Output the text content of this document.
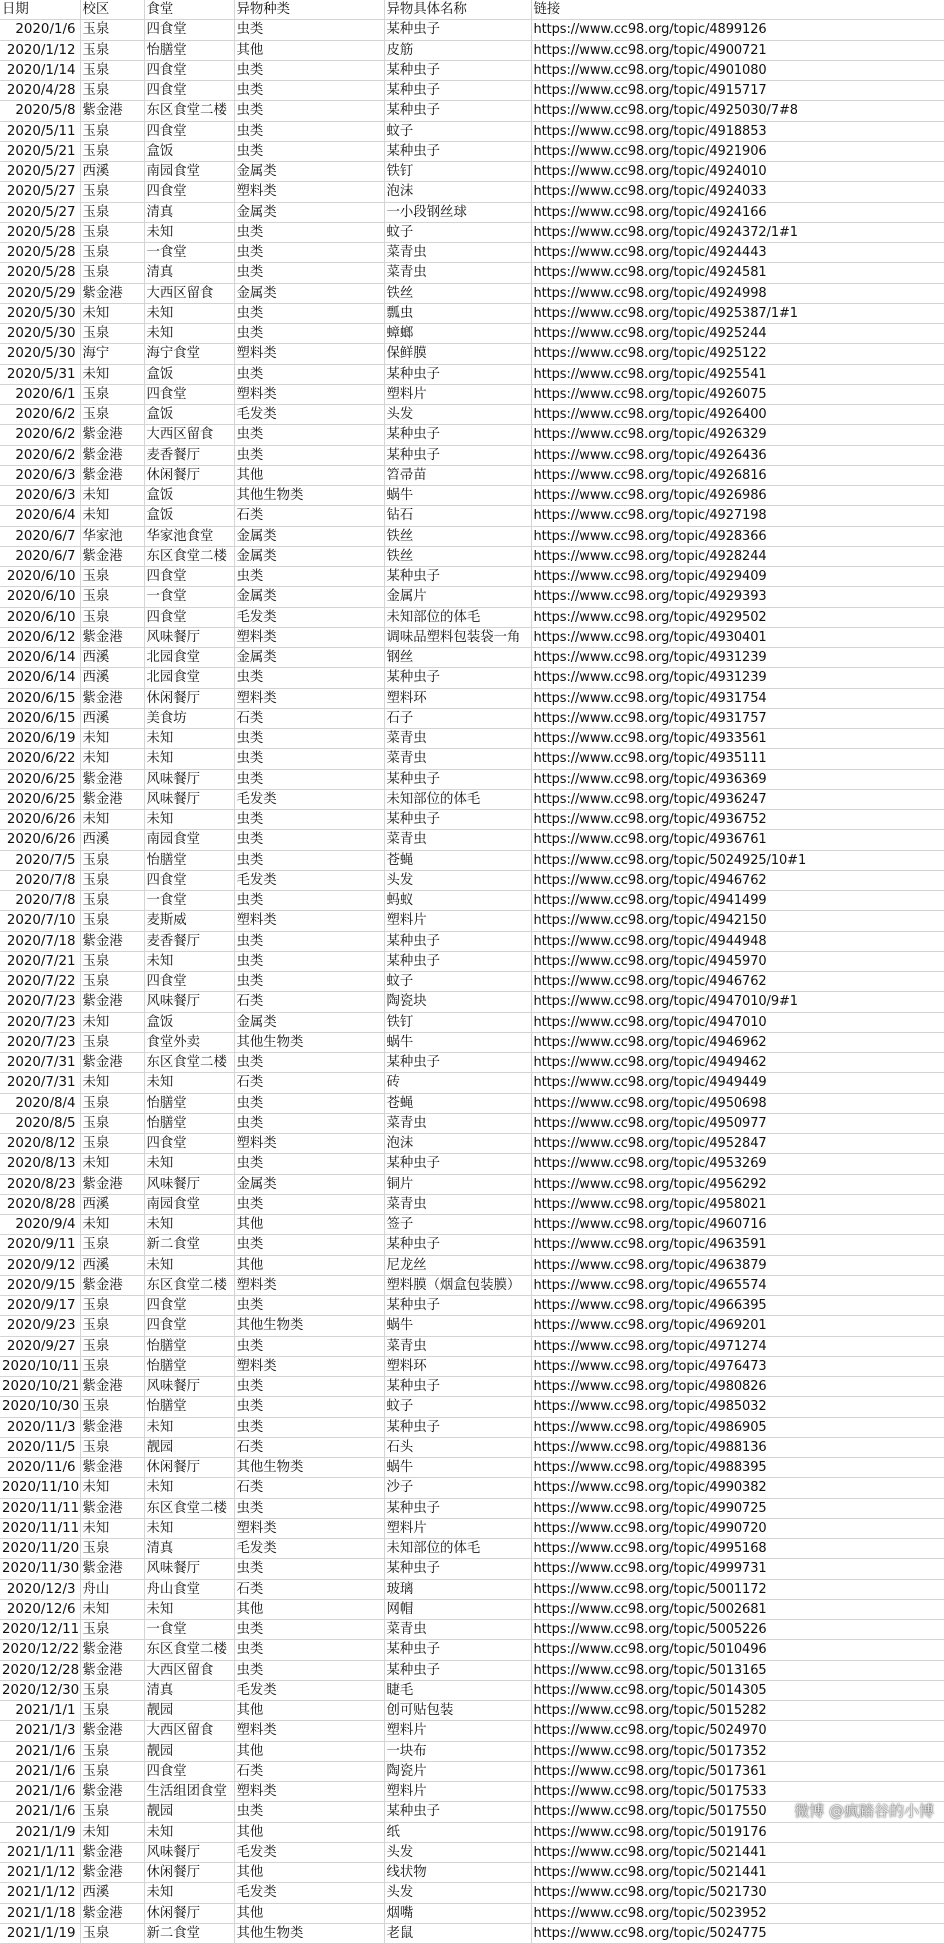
日期	校区	食堂	异物种类	异物具体名称	链接
2020/1/6	玉泉	四食堂	虫类	某种虫子	https://www.cc98.org/topic/4899126
2020/1/12	玉泉	怡膳堂	其他	皮筋	https://www.cc98.org/topic/4900721
2020/1/14	玉泉	四食堂	虫类	某种虫子	https://www.cc98.org/topic/4901080
2020/4/28	玉泉	四食堂	虫类	某种虫子	https://www.cc98.org/topic/4915717
2020/5/8	紫金港	东区食堂二楼	虫类	某种虫子	https://www.cc98.org/topic/4925030/7#8
2020/5/11	玉泉	四食堂	虫类	蚊子	https://www.cc98.org/topic/4918853
2020/5/21	玉泉	盒饭	虫类	某种虫子	https://www.cc98.org/topic/4921906
2020/5/27	西溪	南园食堂	金属类	铁钉	https://www.cc98.org/topic/4924010
2020/5/27	玉泉	四食堂	塑料类	泡沫	https://www.cc98.org/topic/4924033
2020/5/27	玉泉	清真	金属类	一小段钢丝球	https://www.cc98.org/topic/4924166
2020/5/28	玉泉	未知	虫类	蚊子	https://www.cc98.org/topic/4924372/1#1
2020/5/28	玉泉	一食堂	虫类	菜青虫	https://www.cc98.org/topic/4924443
2020/5/28	玉泉	清真	虫类	菜青虫	https://www.cc98.org/topic/4924581
2020/5/29	紫金港	大西区留食	金属类	铁丝	https://www.cc98.org/topic/4924998
2020/5/30	未知	未知	虫类	瓢虫	https://www.cc98.org/topic/4925387/1#1
2020/5/30	玉泉	未知	虫类	蟑螂	https://www.cc98.org/topic/4925244
2020/5/30	海宁	海宁食堂	塑料类	保鲜膜	https://www.cc98.org/topic/4925122
2020/5/31	未知	盒饭	虫类	某种虫子	https://www.cc98.org/topic/4925541
2020/6/1	玉泉	四食堂	塑料类	塑料片	https://www.cc98.org/topic/4926075
2020/6/2	玉泉	盒饭	毛发类	头发	https://www.cc98.org/topic/4926400
2020/6/2	紫金港	大西区留食	虫类	某种虫子	https://www.cc98.org/topic/4926329
2020/6/2	紫金港	麦香餐厅	虫类	某种虫子	https://www.cc98.org/topic/4926436
2020/6/3	紫金港	休闲餐厅	其他	笤帚苗	https://www.cc98.org/topic/4926816
2020/6/3	未知	盒饭	其他生物类	蜗牛	https://www.cc98.org/topic/4926986
2020/6/4	未知	盒饭	石类	钻石	https://www.cc98.org/topic/4927198
2020/6/7	华家池	华家池食堂	金属类	铁丝	https://www.cc98.org/topic/4928366
2020/6/7	紫金港	东区食堂二楼	金属类	铁丝	https://www.cc98.org/topic/4928244
2020/6/10	玉泉	四食堂	虫类	某种虫子	https://www.cc98.org/topic/4929409
2020/6/10	玉泉	一食堂	金属类	金属片	https://www.cc98.org/topic/4929393
2020/6/10	玉泉	四食堂	毛发类	未知部位的体毛	https://www.cc98.org/topic/4929502
2020/6/12	紫金港	风味餐厅	塑料类	调味品塑料包装袋一角	https://www.cc98.org/topic/4930401
2020/6/14	西溪	北园食堂	金属类	钢丝	https://www.cc98.org/topic/4931239
2020/6/14	西溪	北园食堂	虫类	某种虫子	https://www.cc98.org/topic/4931239
2020/6/15	紫金港	休闲餐厅	塑料类	塑料环	https://www.cc98.org/topic/4931754
2020/6/15	西溪	美食坊	石类	石子	https://www.cc98.org/topic/4931757
2020/6/19	未知	未知	虫类	菜青虫	https://www.cc98.org/topic/4933561
2020/6/22	未知	未知	虫类	菜青虫	https://www.cc98.org/topic/4935111
2020/6/25	紫金港	风味餐厅	虫类	某种虫子	https://www.cc98.org/topic/4936369
2020/6/25	紫金港	风味餐厅	毛发类	未知部位的体毛	https://www.cc98.org/topic/4936247
2020/6/26	未知	未知	虫类	某种虫子	https://www.cc98.org/topic/4936752
2020/6/26	西溪	南园食堂	虫类	菜青虫	https://www.cc98.org/topic/4936761
2020/7/5	玉泉	怡膳堂	虫类	苍蝇	https://www.cc98.org/topic/5024925/10#1
2020/7/8	玉泉	四食堂	毛发类	头发	https://www.cc98.org/topic/4946762
2020/7/8	玉泉	一食堂	虫类	蚂蚁	https://www.cc98.org/topic/4941499
2020/7/10	玉泉	麦斯威	塑料类	塑料片	https://www.cc98.org/topic/4942150
2020/7/18	紫金港	麦香餐厅	虫类	某种虫子	https://www.cc98.org/topic/4944948
2020/7/21	玉泉	未知	虫类	某种虫子	https://www.cc98.org/topic/4945970
2020/7/22	玉泉	四食堂	虫类	蚊子	https://www.cc98.org/topic/4946762
2020/7/23	紫金港	风味餐厅	石类	陶瓷块	https://www.cc98.org/topic/4947010/9#1
2020/7/23	未知	盒饭	金属类	铁钉	https://www.cc98.org/topic/4947010
2020/7/23	玉泉	食堂外卖	其他生物类	蜗牛	https://www.cc98.org/topic/4946962
2020/7/31	紫金港	东区食堂二楼	虫类	某种虫子	https://www.cc98.org/topic/4949462
2020/7/31	未知	未知	石类	砖	https://www.cc98.org/topic/4949449
2020/8/4	玉泉	怡膳堂	虫类	苍蝇	https://www.cc98.org/topic/4950698
2020/8/5	玉泉	怡膳堂	虫类	菜青虫	https://www.cc98.org/topic/4950977
2020/8/12	玉泉	四食堂	塑料类	泡沫	https://www.cc98.org/topic/4952847
2020/8/13	未知	未知	虫类	某种虫子	https://www.cc98.org/topic/4953269
2020/8/23	紫金港	风味餐厅	金属类	铜片	https://www.cc98.org/topic/4956292
2020/8/28	西溪	南园食堂	虫类	菜青虫	https://www.cc98.org/topic/4958021
2020/9/4	未知	未知	其他	签子	https://www.cc98.org/topic/4960716
2020/9/11	玉泉	新二食堂	虫类	某种虫子	https://www.cc98.org/topic/4963591
2020/9/12	西溪	未知	其他	尼龙丝	https://www.cc98.org/topic/4963879
2020/9/15	紫金港	东区食堂二楼	塑料类	塑料膜（烟盒包装膜）	https://www.cc98.org/topic/4965574
2020/9/17	玉泉	四食堂	虫类	某种虫子	https://www.cc98.org/topic/4966395
2020/9/23	玉泉	四食堂	其他生物类	蜗牛	https://www.cc98.org/topic/4969201
2020/9/27	玉泉	怡膳堂	虫类	菜青虫	https://www.cc98.org/topic/4971274
2020/10/11	玉泉	怡膳堂	塑料类	塑料环	https://www.cc98.org/topic/4976473
2020/10/21	紫金港	风味餐厅	虫类	某种虫子	https://www.cc98.org/topic/4980826
2020/10/30	玉泉	怡膳堂	虫类	蚊子	https://www.cc98.org/topic/4985032
2020/11/3	紫金港	未知	虫类	某种虫子	https://www.cc98.org/topic/4986905
2020/11/5	玉泉	靓园	石类	石头	https://www.cc98.org/topic/4988136
2020/11/6	紫金港	休闲餐厅	其他生物类	蜗牛	https://www.cc98.org/topic/4988395
2020/11/10	未知	未知	石类	沙子	https://www.cc98.org/topic/4990382
2020/11/11	紫金港	东区食堂二楼	虫类	某种虫子	https://www.cc98.org/topic/4990725
2020/11/11	未知	未知	塑料类	塑料片	https://www.cc98.org/topic/4990720
2020/11/20	玉泉	清真	毛发类	未知部位的体毛	https://www.cc98.org/topic/4995168
2020/11/30	紫金港	风味餐厅	虫类	某种虫子	https://www.cc98.org/topic/4999731
2020/12/3	舟山	舟山食堂	石类	玻璃	https://www.cc98.org/topic/5001172
2020/12/6	未知	未知	其他	网帽	https://www.cc98.org/topic/5002681
2020/12/11	玉泉	一食堂	虫类	菜青虫	https://www.cc98.org/topic/5005226
2020/12/22	紫金港	东区食堂二楼	虫类	某种虫子	https://www.cc98.org/topic/5010496
2020/12/28	紫金港	大西区留食	虫类	某种虫子	https://www.cc98.org/topic/5013165
2020/12/30	玉泉	清真	毛发类	睫毛	https://www.cc98.org/topic/5014305
2021/1/1	玉泉	靓园	其他	创可贴包装	https://www.cc98.org/topic/5015282
2021/1/3	紫金港	大西区留食	塑料类	塑料片	https://www.cc98.org/topic/5024970
2021/1/6	玉泉	靓园	其他	一块布	https://www.cc98.org/topic/5017352
2021/1/6	玉泉	四食堂	石类	陶瓷片	https://www.cc98.org/topic/5017361
2021/1/6	紫金港	生活组团食堂	塑料类	塑料片	https://www.cc98.org/topic/5017533
2021/1/6	玉泉	靓园	虫类	某种虫子	https://www.cc98.org/topic/5017550
2021/1/9	未知	未知	其他	纸	https://www.cc98.org/topic/5019176
2021/1/11	紫金港	风味餐厅	毛发类	头发	https://www.cc98.org/topic/5021441
2021/1/12	紫金港	休闲餐厅	其他	线状物	https://www.cc98.org/topic/5021441
2021/1/12	西溪	未知	毛发类	头发	https://www.cc98.org/topic/5021730
2021/1/18	紫金港	休闲餐厅	其他	烟嘴	https://www.cc98.org/topic/5023952
2021/1/19	玉泉	新二食堂	其他生物类	老鼠	https://www.cc98.org/topic/5024775
微博 @疯踏谷的小博
